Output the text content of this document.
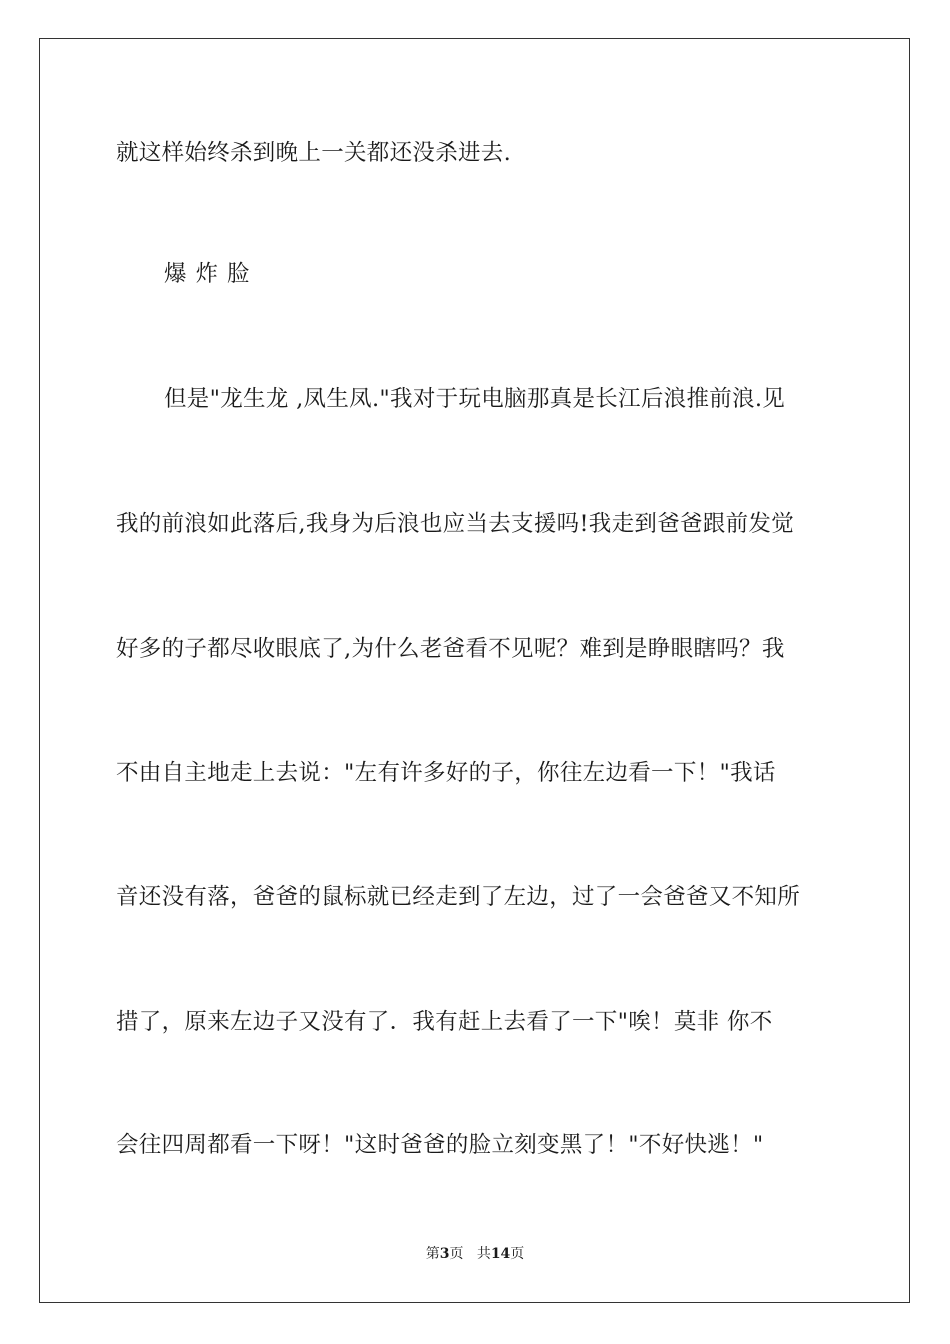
就这样始终杀到晚上一关都还没杀进去.
爆炸脸
但是"龙生龙 ,凤生凤."我对于玩电脑那真是长江后浪推前浪.见
我的前浪如此落后,我身为后浪也应当去支援吗!我走到爸爸跟前发觉
好多的子都尽收眼底了,为什么老爸看不见呢？难到是睁眼瞎吗？我
不由自主地走上去说："左有许多好的子，你往左边看一下！"我话
音还没有落，爸爸的鼠标就已经走到了左边，过了一会爸爸又不知所
措了，原来左边子又没有了．我有赶上去看了一下"唉！莫非 你不
会往四周都看一下呀！"这时爸爸的脸立刻变黑了！"不好快逃！"
第3页 共14页
